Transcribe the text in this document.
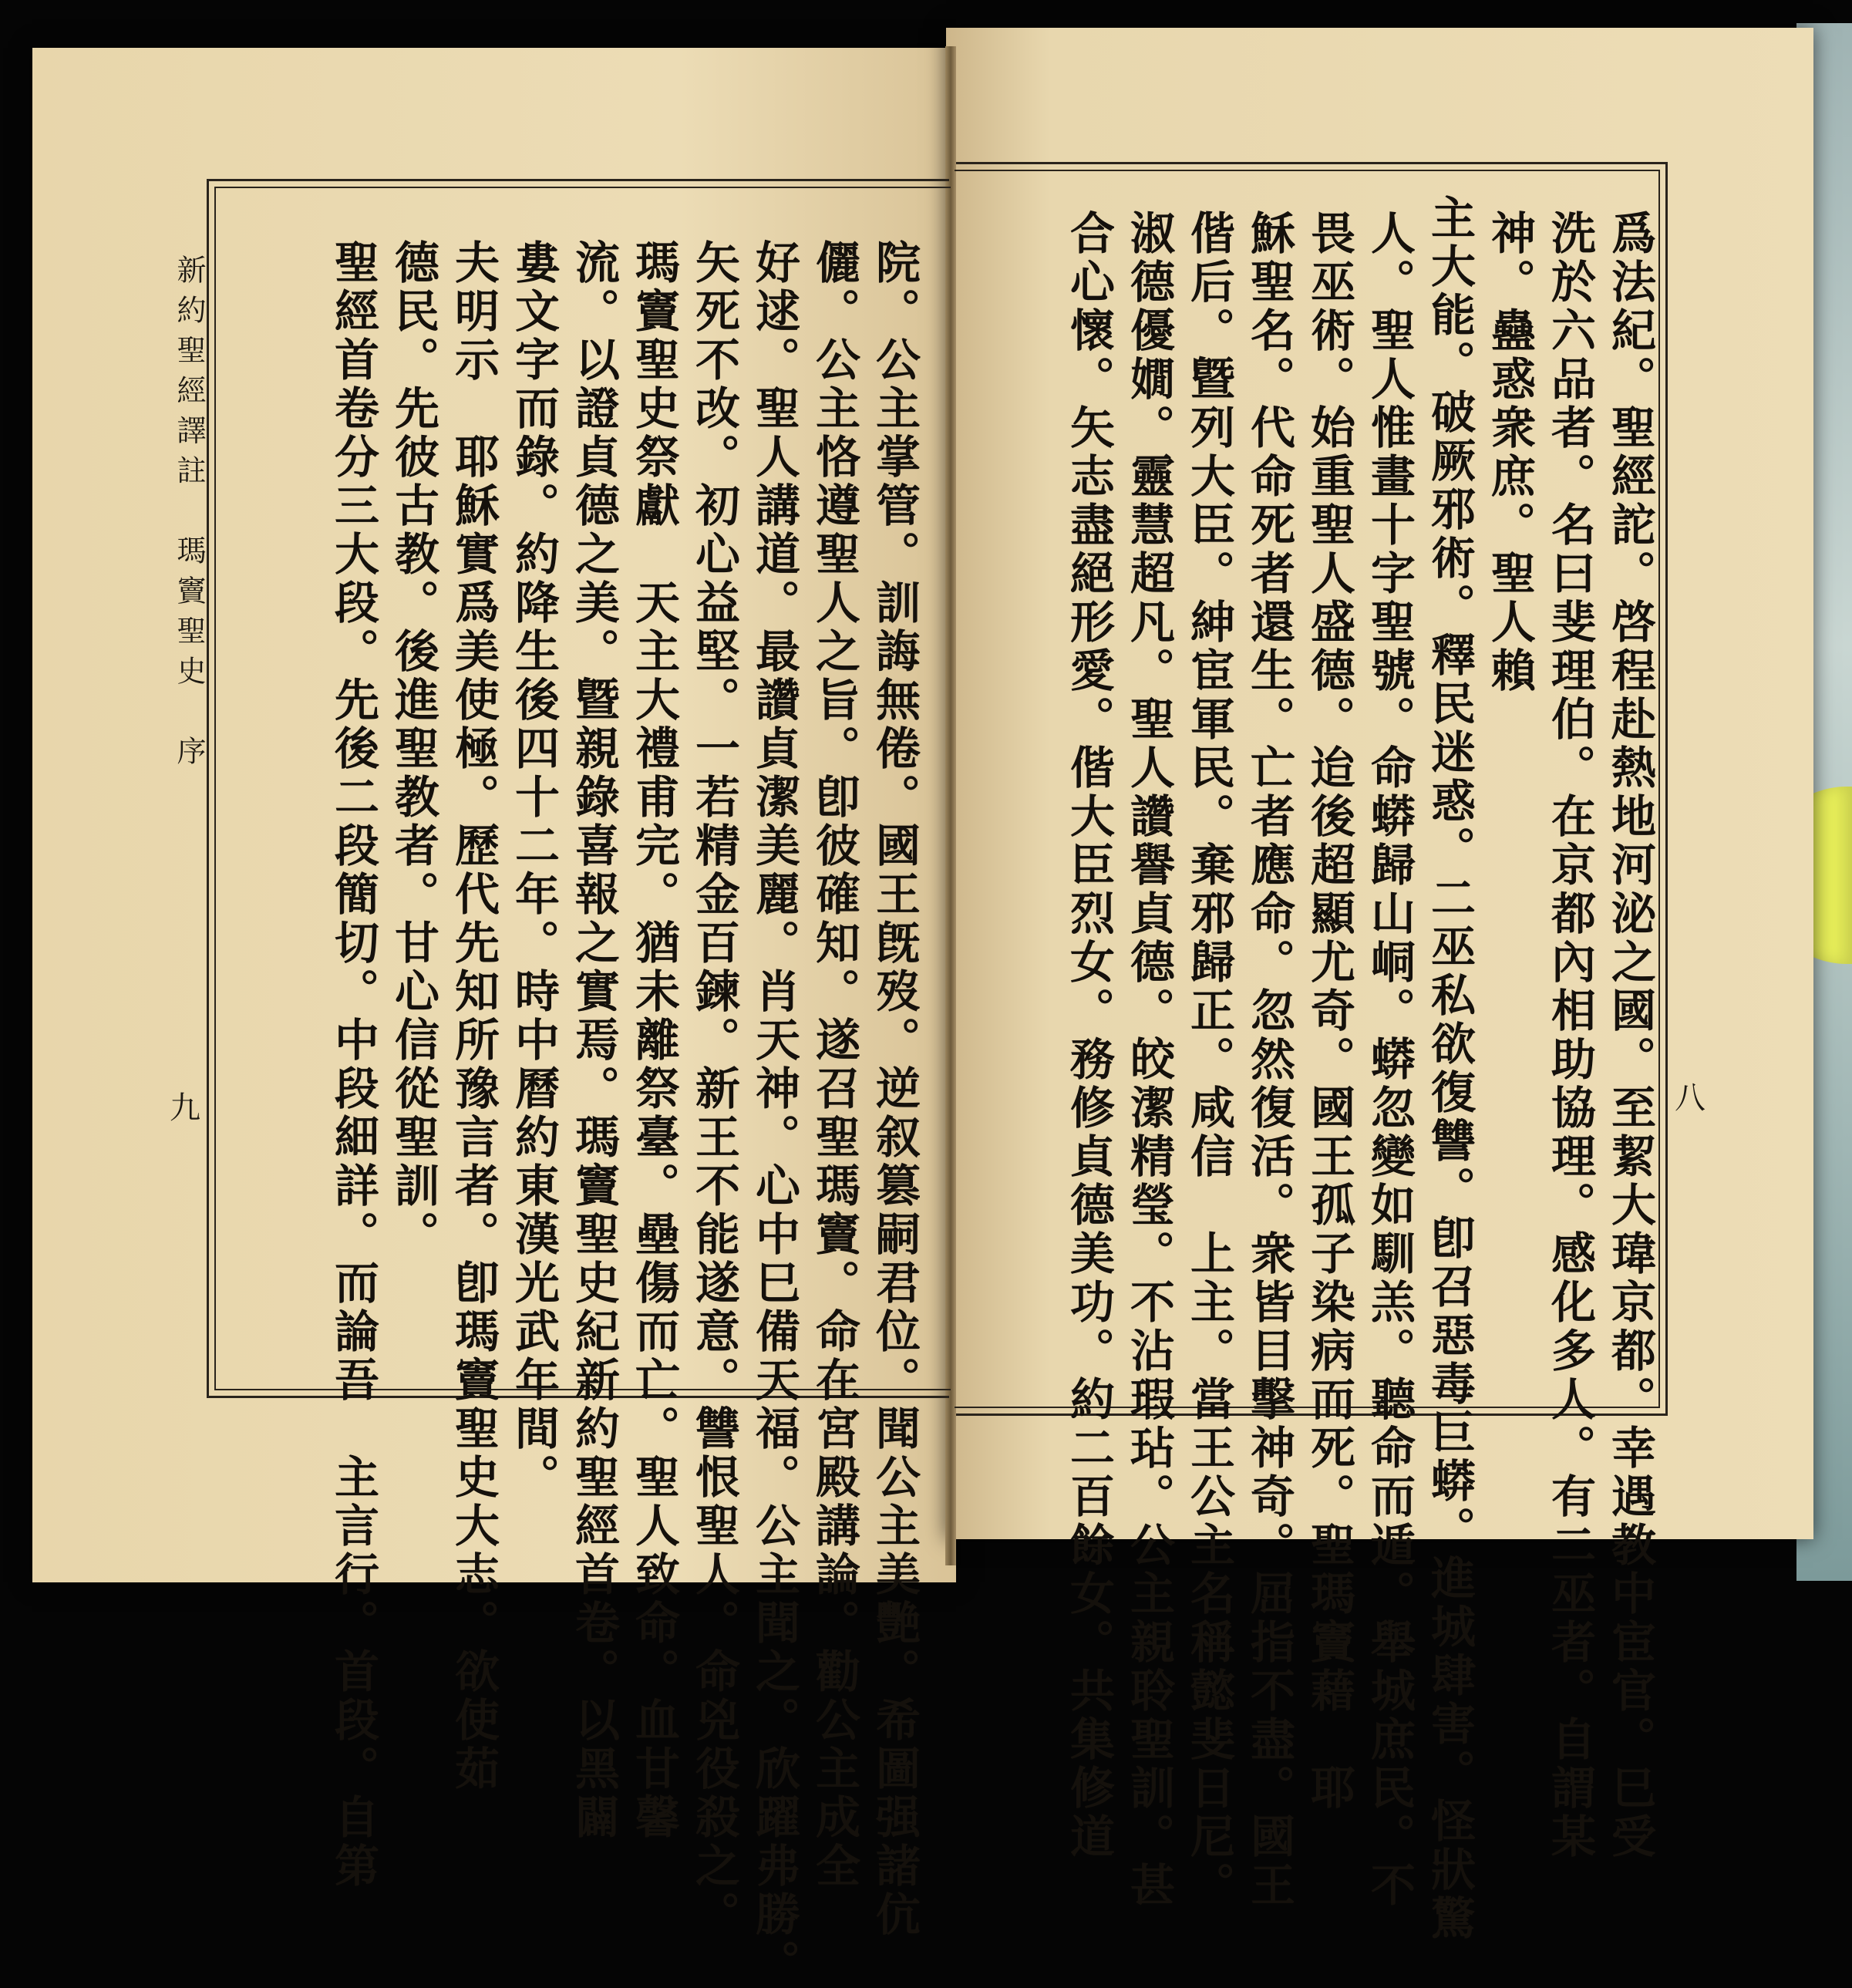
爲法紀。聖經詑。啓程赴熱地河泌之國。至絜大瑋京都。幸遇教中宦官。巳受
洗於六品者。名曰斐理伯。在京都內相助協理。感化多人。有二巫者。自謂某
神。蠱惑衆庶。聖人賴
主大能。破厥邪術。釋民迷惑。二巫私欲復讐。卽召惡毒巨蟒。進城肆害。怪狀驚
人。聖人惟畫十字聖號。命蟒歸山峒。蟒忽變如馴羔。聽命而遁。舉城庶民。不
畏巫術。始重聖人盛德。迨後超顯尤奇。國王孤子染病而死。聖瑪竇藉　耶
穌聖名。代命死者還生。亡者應命。忽然復活。衆皆目擊神奇。屈指不盡。國王
偕后。曁列大臣。紳宦軍民。棄邪歸正。咸信　上主。當王公主名稱懿斐日尼。
淑德優嫺。靈慧超凡。聖人讚譽貞德。皎潔精瑩。不沾瑕玷。公主親聆聖訓。甚
合心懷。矢志盡絕形愛。偕大臣烈女。務修貞德美功。約二百餘女。共集修道
院。公主掌管。訓誨無倦。國王旣歿。逆叙篡嗣君位。聞公主美艷。希圖强諸伉
儷。公主恪遵聖人之旨。卽彼確知。遂召聖瑪竇。命在宮殿講論。勸公主成全
好逑。聖人講道。最讚貞潔美麗。肖天神。心中巳備天福。公主聞之。欣躍弗勝。
矢死不改。初心益堅。一若精金百鍊。新王不能遂意。讐恨聖人。命兇役殺之。
瑪竇聖史祭獻　天主大禮甫完。猶未離祭臺。壘傷而亡。聖人致命。血甘馨
流。以證貞德之美。曁親錄喜報之實焉。瑪竇聖史紀新約聖經首卷。以黑闢
婁文字而錄。約降生後四十二年。時中曆約東漢光武年間。
夫明示　耶穌實爲美使極。歷代先知所豫言者。卽瑪竇聖史大志。欲使茹
德民。先彼古教。後進聖教者。甘心信從聖訓。
聖經首卷分三大段。先後二段簡切。中段細詳。而論吾　主言行。首段。自第
新約聖經譯註　瑪竇聖史　序
九	八
